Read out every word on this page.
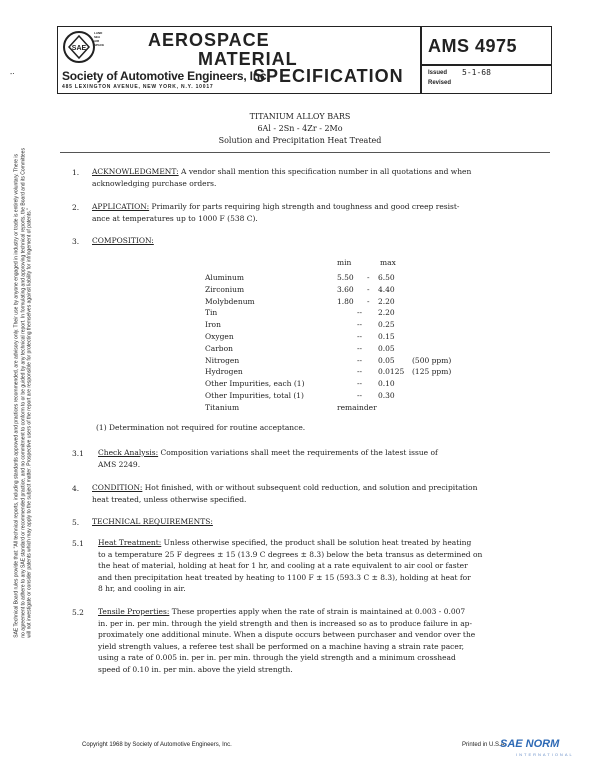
SAE
LAND
SEA
AIR
SPACE AEROSPACE
MATERIAL
SPECIFICATION
Society of Automotive Engineers, Inc.
485 LEXINGTON AVENUE, NEW YORK, N.Y. 10017
AMS 4975
Issued 5-1-68
Revised
TITANIUM ALLOY BARS
6Al - 2Sn - 4Zr - 2Mo
Solution and Precipitation Heat Treated
1. ACKNOWLEDGMENT: A vendor shall mention this specification number in all quotations and when
acknowledging purchase orders.
2. APPLICATION: Primarily for parts requiring high strength and toughness and good creep resist-
ance at temperatures up to 1000 F (538 C).
3. COMPOSITION:
min	max
Aluminum	5.50 - 6.50
Zirconium	3.60 - 4.40
Molybdenum	1.80 - 2.20
Tin	-- 2.20
Iron	-- 0.25
Oxygen	-- 0.15
Carbon	-- 0.05
Nitrogen	-- 0.05 (500 ppm)
Hydrogen	-- 0.0125 (125 ppm)
Other Impurities, each (1)	-- 0.10
Other Impurities, total (1)	-- 0.30
Titanium	remainder
(1) Determination not required for routine acceptance.
3.1 Check Analysis: Composition variations shall meet the requirements of the latest issue of
AMS 2249.
4. CONDITION: Hot finished, with or without subsequent cold reduction, and solution and precipitation
heat treated, unless otherwise specified.
5. TECHNICAL REQUIREMENTS:
5.1 Heat Treatment: Unless otherwise specified, the product shall be solution heat treated by heating
to a temperature 25 F degrees ± 15 (13.9 C degrees ± 8.3) below the beta transus as determined on
the heat of material, holding at heat for 1 hr, and cooling at a rate equivalent to air cool or faster
and then precipitation heat treated by heating to 1100 F ± 15 (593.3 C ± 8.3), holding at heat for
8 hr, and cooling in air.
5.2 Tensile Properties: These properties apply when the rate of strain is maintained at 0.003 - 0.007
in. per in. per min. through the yield strength and then is increased so as to produce failure in ap-
proximately one additional minute. When a dispute occurs between purchaser and vendor over the
yield strength values, a referee test shall be performed on a machine having a strain rate pacer,
using a rate of 0.005 in. per in. per min. through the yield strength and a minimum crosshead
speed of 0.10 in. per min. above the yield strength.
SAE Technical Board rules provide that: "All technical reports, including standards approved and practices recommended, are advisory only. Their use by anyone engaged in industry or trade is entirely voluntary. There is no agreement to adhere to any SAE standard or recommended practice, and no commitment to conform to or be guided by any technical report. In formulating and approving technical reports, the Board and its Committees will not investigate or consider patents which may apply to the subject matter. Prospective users of the report are responsible for protecting themselves against liability for infringement of patents."
-·
Copyright 1968 by Society of Automotive Engineers, Inc.	Printed in U.S.A.
SAE NORM
INTERNATIONAL
